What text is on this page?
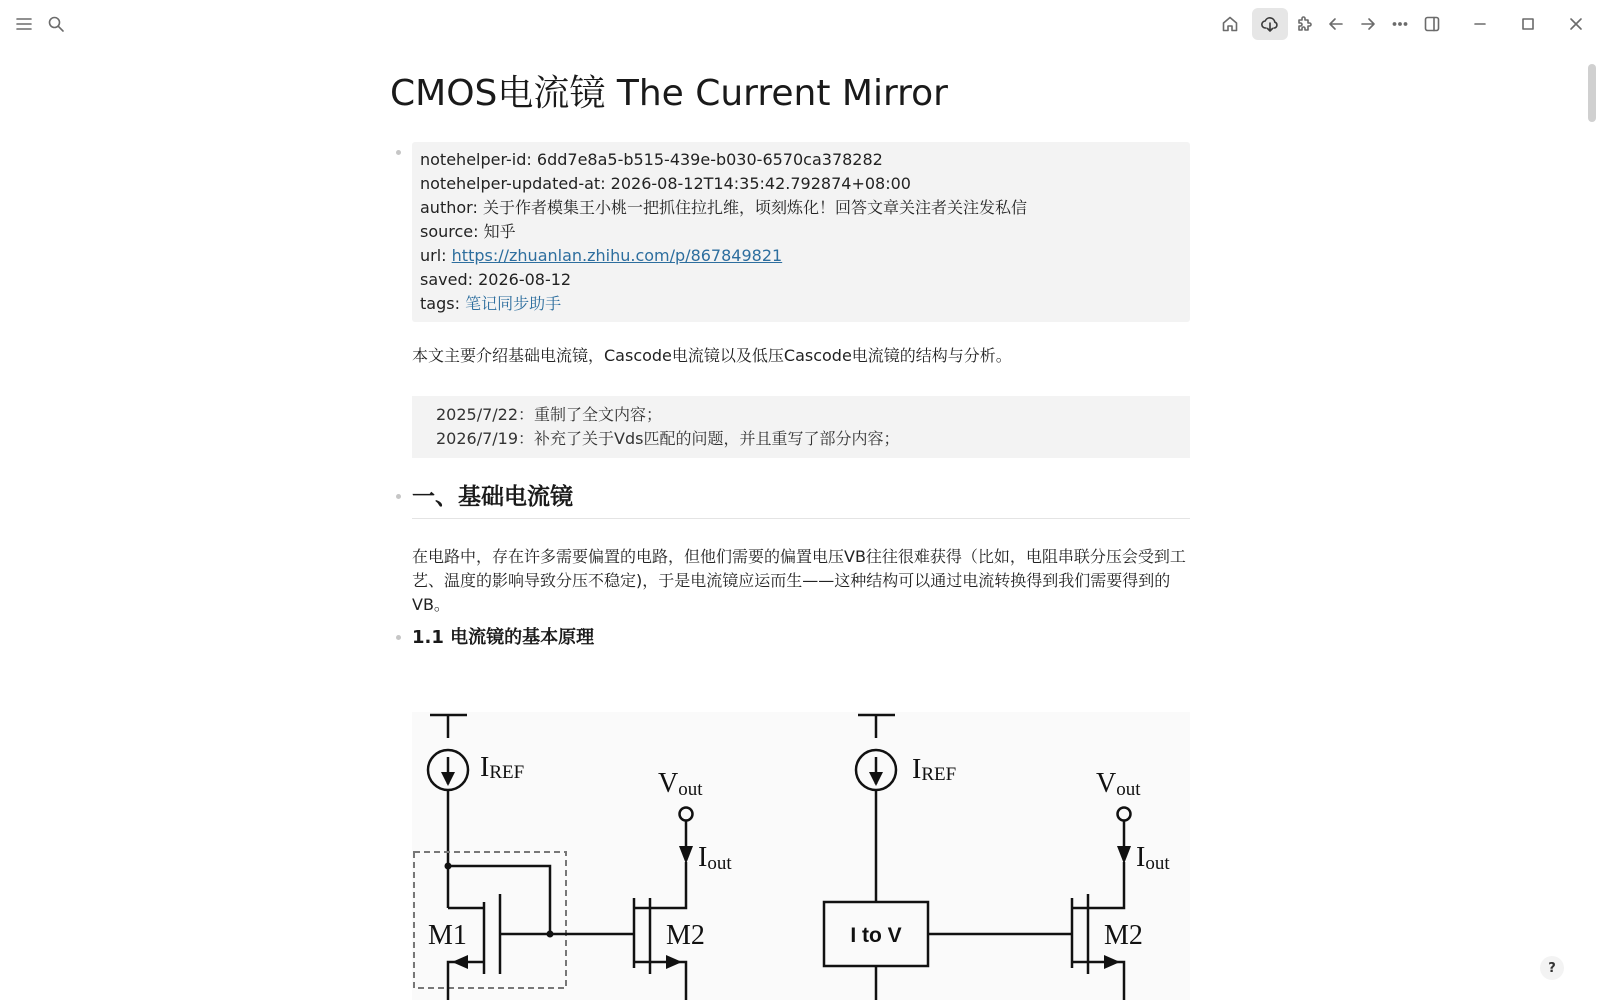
CMOS电流镜 The Current Mirror
notehelper-id: 6dd7e8a5-b515-439e-b030-6570ca378282
notehelper-updated-at: 2026-08-12T14:35:42.792874+08:00
author: 关于作者模集王小桃一把抓住拉扎维，顷刻炼化！回答文章关注者关注发私信
source: 知乎
url: https://zhuanlan.zhihu.com/p/867849821
saved: 2026-08-12
tags: 笔记同步助手
本文主要介绍基础电流镜，Cascode电流镜以及低压Cascode电流镜的结构与分析。
2025/7/22：重制了全文内容；
2026/7/19：补充了关于Vds匹配的问题，并且重写了部分内容；
一、基础电流镜
在电路中，存在许多需要偏置的电路，但他们需要的偏置电压VB往往很难获得（比如，电阻串联分压会受到工
艺、温度的影响导致分压不稳定)，于是电流镜应运而生——这种结构可以通过电流转换得到我们需要得到的
VB。
1.1 电流镜的基本原理
IREF	Vout
Iout
M1	M2
IREF	Vout
Iout
M2
I to V
?
